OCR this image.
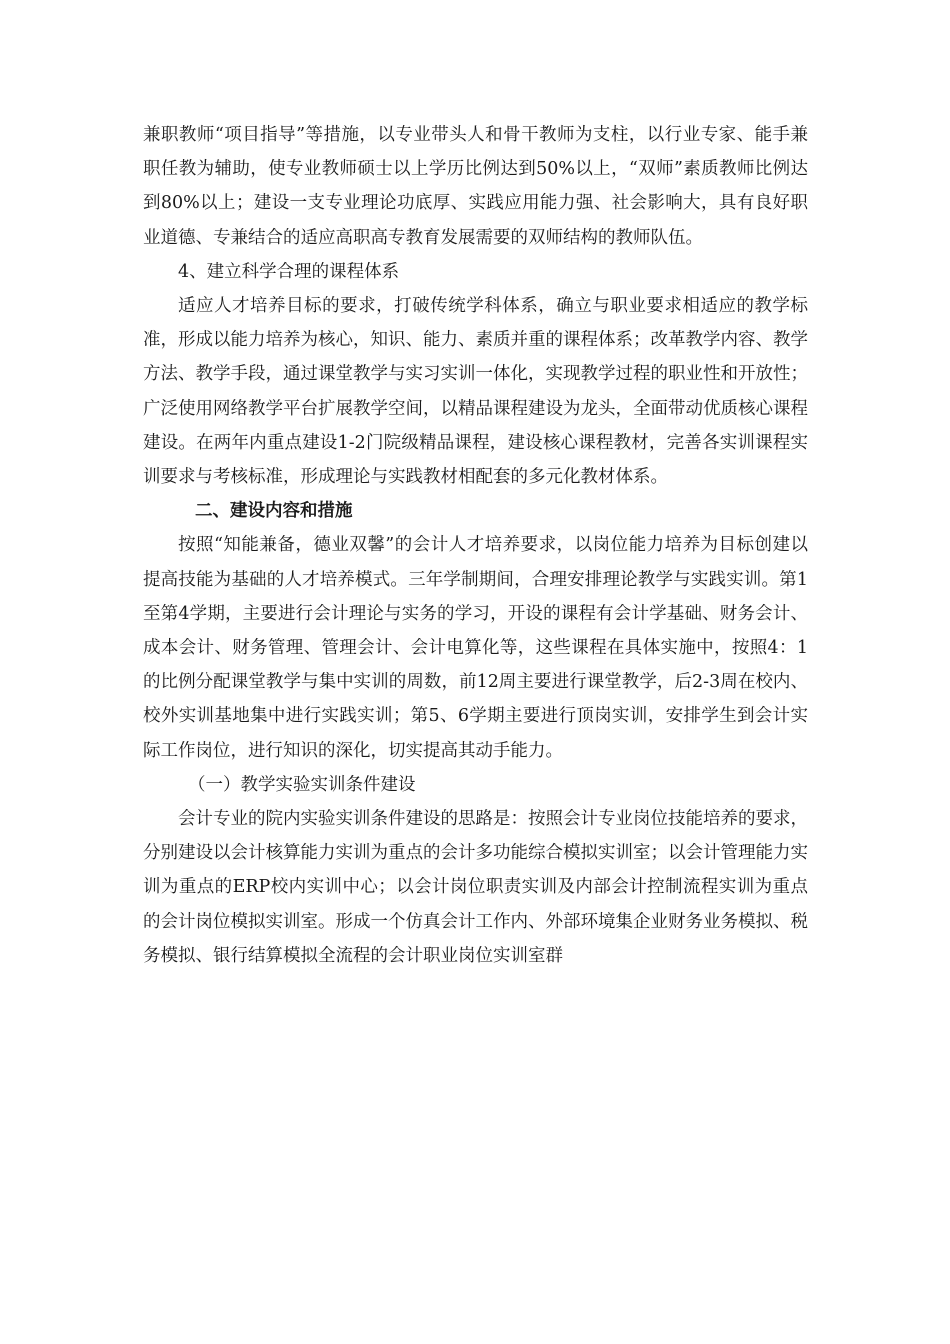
兼职教师“项目指导”等措施，以专业带头人和骨干教师为支柱，以行业专家、能手兼职任教为辅助，使专业教师硕士以上学历比例达到50%以上，“双师”素质教师比例达到80%以上；建设一支专业理论功底厚、实践应用能力强、社会影响大，具有良好职业道德、专兼结合的适应高职高专教育发展需要的双师结构的教师队伍。

4、建立科学合理的课程体系

适应人才培养目标的要求，打破传统学科体系，确立与职业要求相适应的教学标准，形成以能力培养为核心，知识、能力、素质并重的课程体系；改革教学内容、教学方法、教学手段，通过课堂教学与实习实训一体化，实现教学过程的职业性和开放性；广泛使用网络教学平台扩展教学空间，以精品课程建设为龙头，全面带动优质核心课程建设。在两年内重点建设1-2门院级精品课程，建设核心课程教材，完善各实训课程实训要求与考核标准，形成理论与实践教材相配套的多元化教材体系。

二、建设内容和措施

按照“知能兼备，德业双馨”的会计人才培养要求，以岗位能力培养为目标创建以提高技能为基础的人才培养模式。三年学制期间，合理安排理论教学与实践实训。第1至第4学期，主要进行会计理论与实务的学习，开设的课程有会计学基础、财务会计、成本会计、财务管理、管理会计、会计电算化等，这些课程在具体实施中，按照4：1的比例分配课堂教学与集中实训的周数，前12周主要进行课堂教学，后2-3周在校内、校外实训基地集中进行实践实训；第5、6学期主要进行顶岗实训，安排学生到会计实际工作岗位，进行知识的深化，切实提高其动手能力。

（一）教学实验实训条件建设

会计专业的院内实验实训条件建设的思路是：按照会计专业岗位技能培养的要求，分别建设以会计核算能力实训为重点的会计多功能综合模拟实训室；以会计管理能力实训为重点的ERP校内实训中心；以会计岗位职责实训及内部会计控制流程实训为重点的会计岗位模拟实训室。形成一个仿真会计工作内、外部环境集企业财务业务模拟、税务模拟、银行结算模拟全流程的会计职业岗位实训室群
